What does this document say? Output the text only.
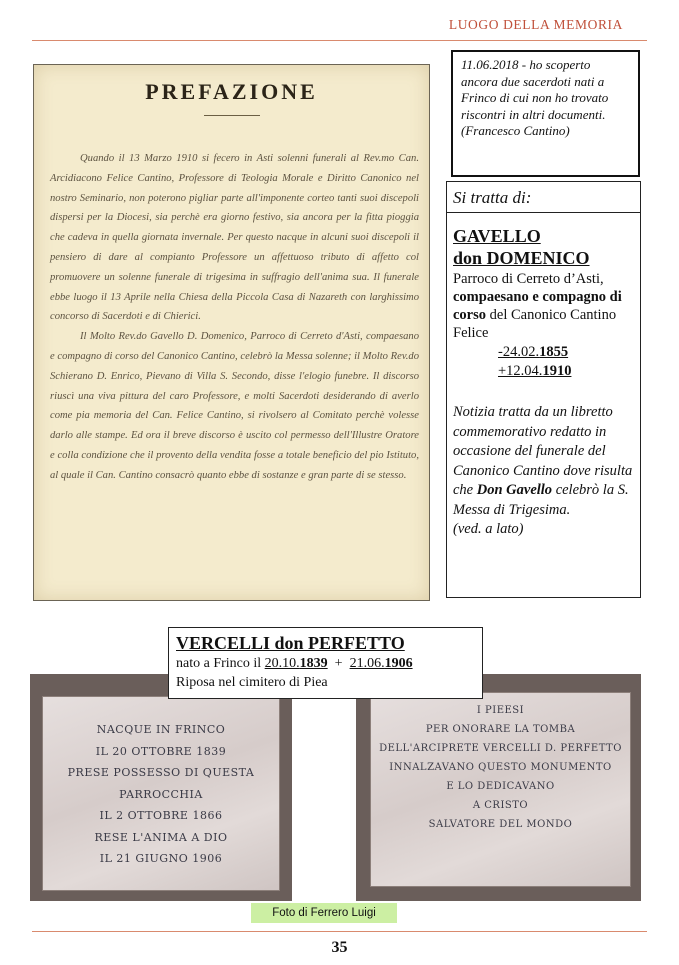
LUOGO DELLA MEMORIA
PREFAZIONE

Quando il 13 Marzo 1910 si fecero in Asti solenni funerali al Rev.mo Can. Arcidiacono Felice Cantino, Professore di Teologia Morale e Diritto Canonico nel nostro Seminario, non poterono pigliar parte all'imponente corteo tanti suoi discepoli dispersi per la Diocesi, sia perchè era giorno festivo, sia ancora per la fitta pioggia che cadeva in quella giornata invernale. Per questo nacque in alcuni suoi discepoli il pensiero di dare al compianto Professore un affettuoso tributo di affetto col promuovere un solenne funerale di trigesima in suffragio dell'anima sua. Il funerale ebbe luogo il 13 Aprile nella Chiesa della Piccola Casa di Nazareth con larghissimo concorso di Sacerdoti e di Chierici.

Il Molto Rev.do Gavello D. Domenico, Parroco di Cerreto d'Asti, compaesano e compagno di corso del Canonico Cantino, celebrò la Messa solenne; il Molto Rev.do Schierano D. Enrico, Pievano di Villa S. Secondo, disse l'elogio funebre. Il discorso riuscì una viva pittura del caro Professore, e molti Sacerdoti desiderando di averlo come pia memoria del Can. Felice Cantino, si rivolsero al Comitato perchè volesse darlo alle stampe. Ed ora il breve discorso è uscito col permesso dell'Illustre Oratore e colla condizione che il provento della vendita fosse a totale beneficio del pio Istituto, al quale il Can. Cantino consacrò quanto ebbe di sostanze e gran parte di se stesso.

11.06.2018 - ho scoperto ancora due sacerdoti nati a Frinco di cui non ho trovato riscontri in altri documenti.
(Francesco Cantino)
Si tratta di:
GAVELLO
don DOMENICO
Parroco di Cerreto d’Asti, compaesano e compagno di corso del Canonico Cantino Felice
-24.02.1855
+12.04.1910
Notizia tratta da un libretto commemorativo redatto in occasione del funerale del Canonico Cantino dove risulta che Don Gavello celebrò la S. Messa di Trigesima.
(ved. a lato)
VERCELLI don PERFETTO
nato a Frinco il 20.10.1839  +  21.06.1906
Riposa nel cimitero di Piea
NACQUE IN FRINCO
IL 20 OTTOBRE 1839
PRESE POSSESSO DI QUESTA PARROCCHIA
IL 2 OTTOBRE 1866
RESE L'ANIMA A DIO
IL 21 GIUGNO 1906
I PIEESI
PER ONORARE LA TOMBA
DELL'ARCIPRETE VERCELLI D. PERFETTO
INNALZAVANO QUESTO MONUMENTO
E LO DEDICAVANO
A CRISTO
SALVATORE DEL MONDO
Foto di Ferrero Luigi
35
